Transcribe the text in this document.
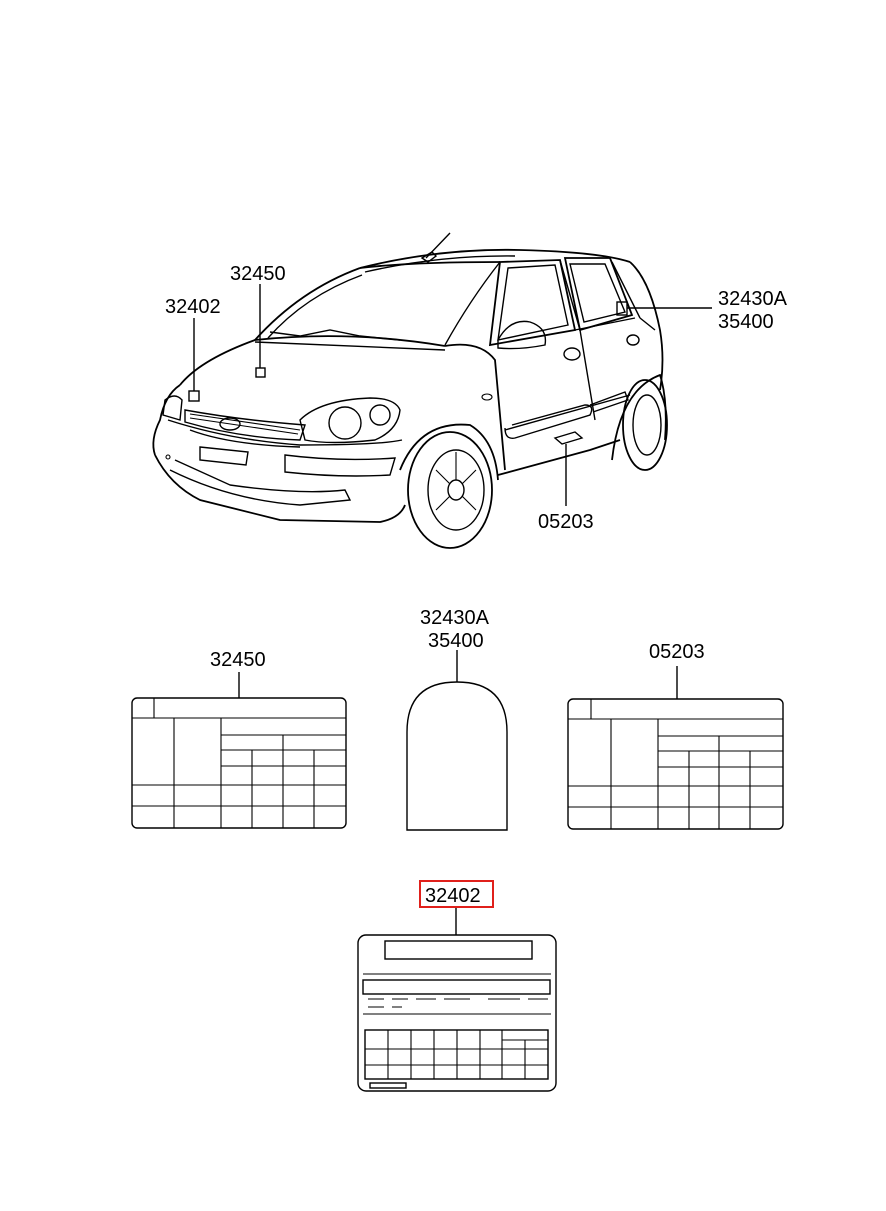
32450
32402	32430A
35400
05203
32450
32430A
35400	05203
32402
